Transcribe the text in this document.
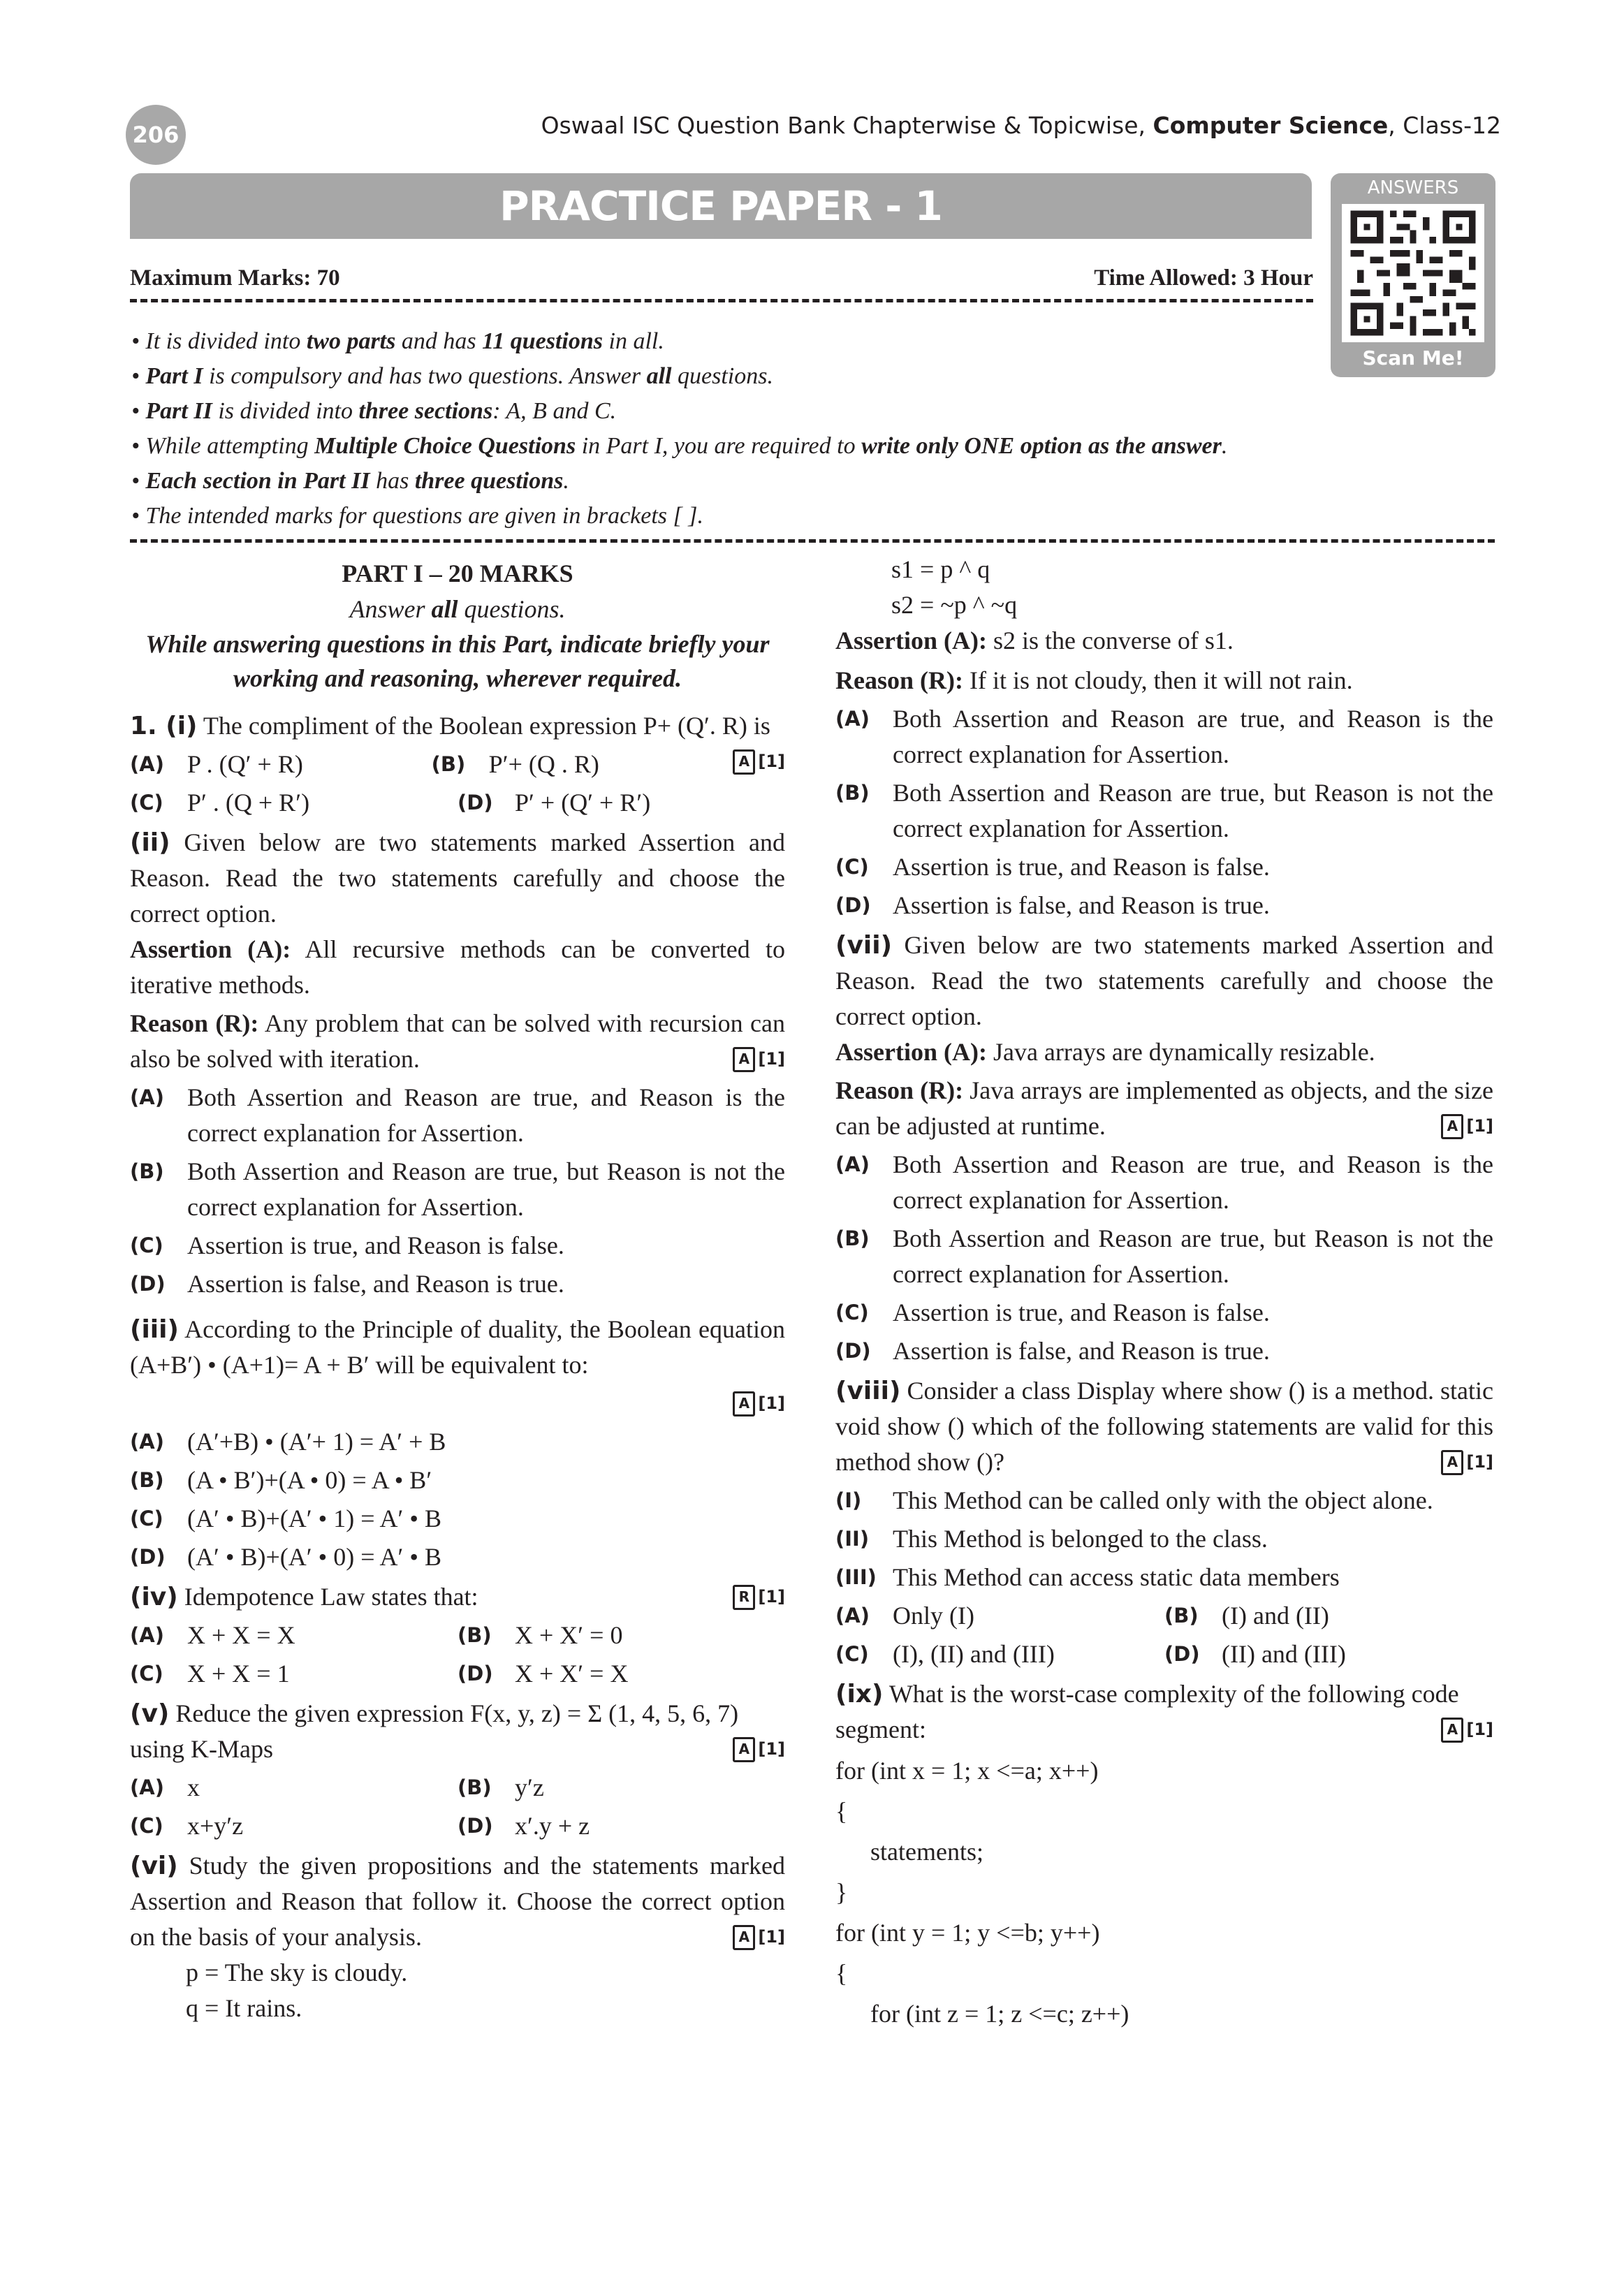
206	Oswaal ISC Question Bank Chapterwise & Topicwise, Computer Science, Class-12
PRACTICE PAPER - 1	ANSWERS
Scan Me!
Maximum Marks: 70	Time Allowed: 3 Hour
• It is divided into two parts and has 11 questions in all.
• Part I is compulsory and has two questions. Answer all questions.
• Part II is divided into three sections: A, B and C.
• While attempting Multiple Choice Questions in Part I, you are required to write only ONE option as the answer.
• Each section in Part II has three questions.
• The intended marks for questions are given in brackets [ ].
PART I – 20 MARKS
Answer all questions.
While answering questions in this Part, indicate briefly your working and reasoning, wherever required.
1. (i) The compliment of the Boolean expression P+ (Q′. R) is
A [1]
(A) P . (Q′ + R)	(B) P′+ (Q . R)
(C) P′ . (Q + R′)	(D) P′ + (Q′ + R′)
(ii) Given below are two statements marked Assertion and Reason. Read the two statements carefully and choose the correct option.
Assertion (A): All recursive methods can be converted to iterative methods.
Reason (R): Any problem that can be solved with recursion can also be solved with iteration.	A [1]
(A) Both Assertion and Reason are true, and Reason is the correct explanation for Assertion.
(B) Both Assertion and Reason are true, but Reason is not the correct explanation for Assertion.
(C) Assertion is true, and Reason is false.
(D) Assertion is false, and Reason is true.
(iii) According to the Principle of duality, the Boolean equation (A+B′) • (A+1)= A + B′ will be equivalent to:
A [1]
(A) (A′+B) • (A′+ 1) = A′ + B
(B) (A • B′)+(A • 0) = A • B′
(C) (A′ • B)+(A′ • 1) = A′ • B
(D) (A′ • B)+(A′ • 0) = A′ • B
(iv) Idempotence Law states that:	R [1]
(A) X + X = X	(B) X + X′ = 0
(C) X + X = 1	(D) X + X′ = X
(v) Reduce the given expression F(x, y, z) = Σ (1, 4, 5, 6, 7) using K-Maps	A [1]
(A) x	(B) y′z
(C) x+y′z	(D) x′.y + z
(vi) Study the given propositions and the statements marked Assertion and Reason that follow it. Choose the correct option on the basis of your analysis.	A [1]
p = The sky is cloudy.
q = It rains.
s1 = p ^ q
s2 = ~p ^ ~q
Assertion (A): s2 is the converse of s1.
Reason (R): If it is not cloudy, then it will not rain.
(A) Both Assertion and Reason are true, and Reason is the correct explanation for Assertion.
(B) Both Assertion and Reason are true, but Reason is not the correct explanation for Assertion.
(C) Assertion is true, and Reason is false.
(D) Assertion is false, and Reason is true.
(vii) Given below are two statements marked Assertion and Reason. Read the two statements carefully and choose the correct option.
Assertion (A): Java arrays are dynamically resizable.
Reason (R): Java arrays are implemented as objects, and the size can be adjusted at runtime.	A [1]
(A) Both Assertion and Reason are true, and Reason is the correct explanation for Assertion.
(B) Both Assertion and Reason are true, but Reason is not the correct explanation for Assertion.
(C) Assertion is true, and Reason is false.
(D) Assertion is false, and Reason is true.
(viii) Consider a class Display where show () is a method. static void show () which of the following statements are valid for this method show ()?	A [1]
(I)	This Method can be called only with the object alone.
(II) This Method is belonged to the class.
(III) This Method can access static data members
(A) Only (I)	(B) (I) and (II)
(C) (I), (II) and (III)	(D) (II) and (III)
(ix) What is the worst-case complexity of the following code segment:	A [1]
for (int x = 1; x <=a; x++)
{
statements;
}
for (int y = 1; y <=b; y++)
{
for (int z = 1; z <=c; z++)
